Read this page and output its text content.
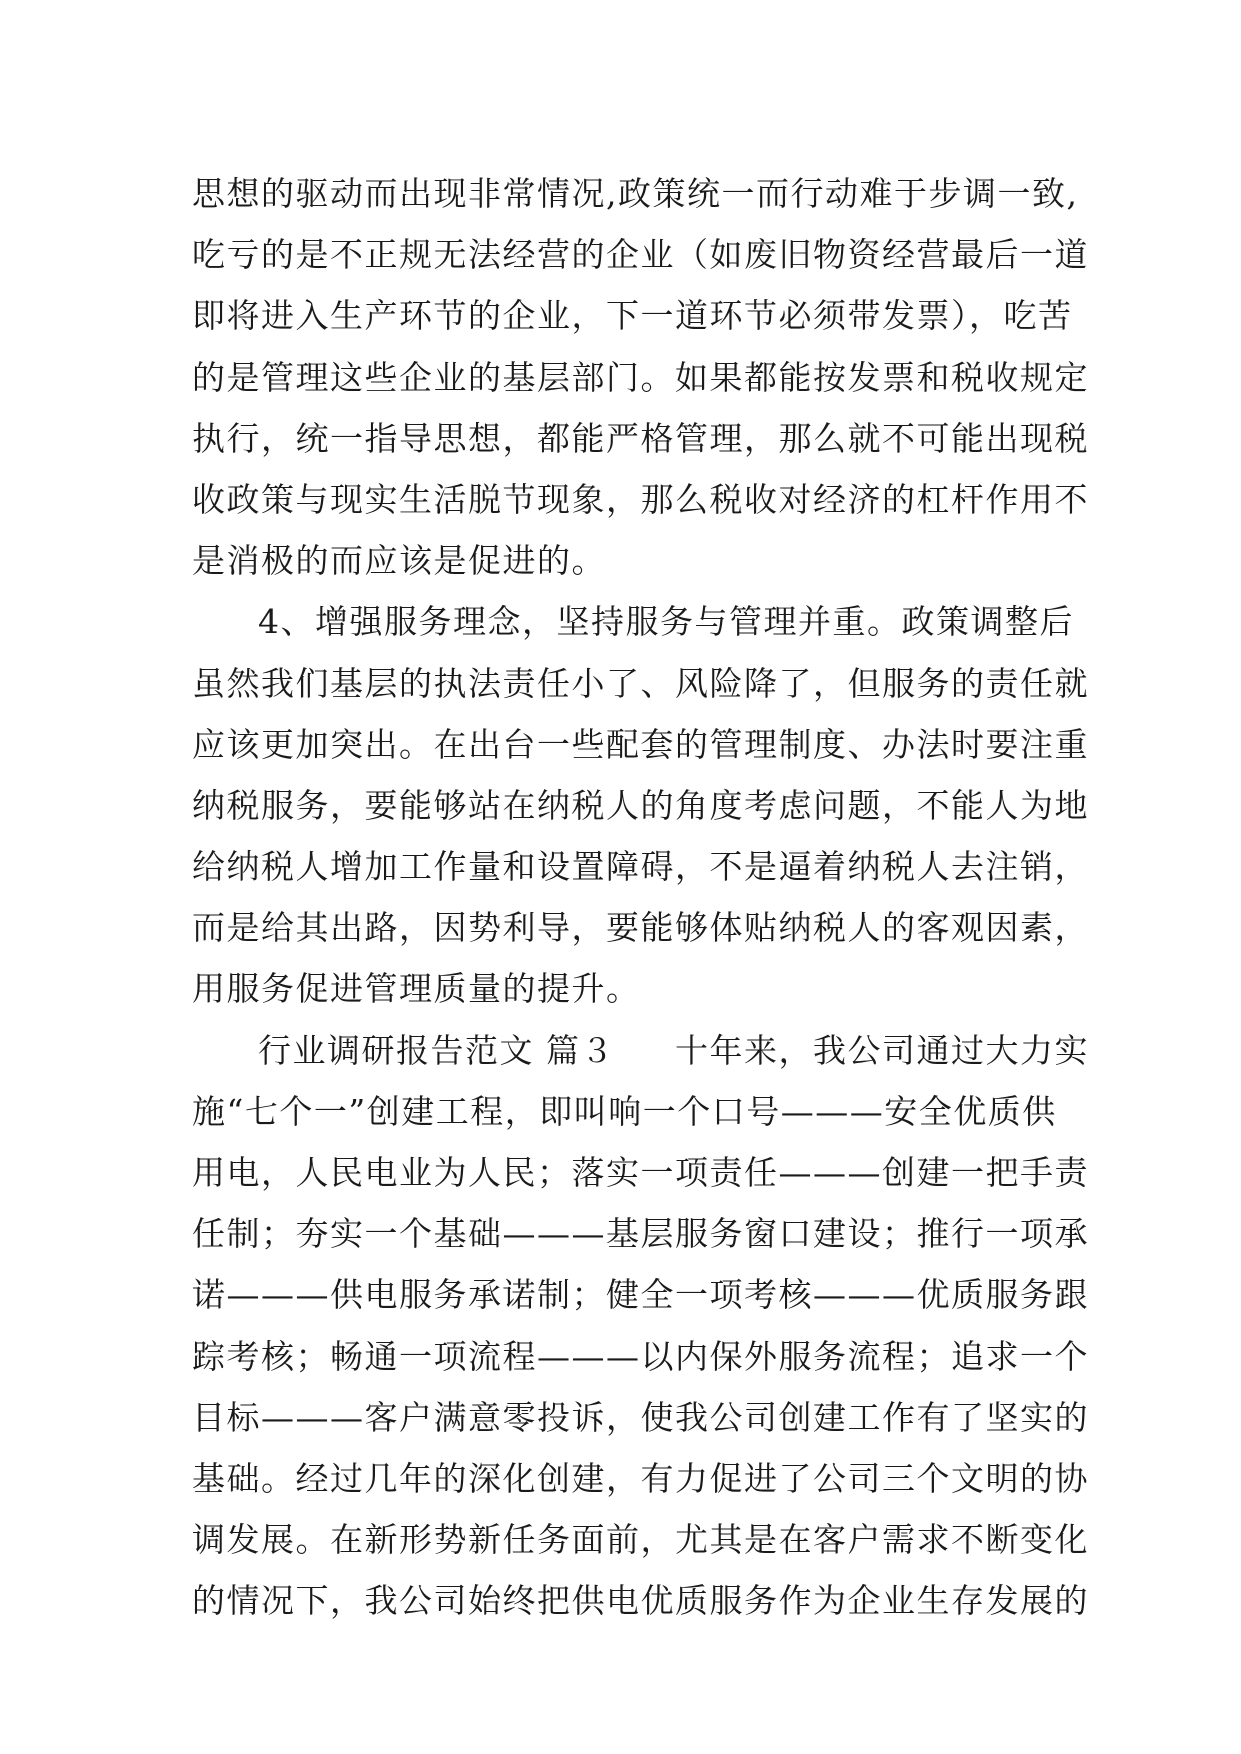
思想的驱动而出现非常情况,政策统一而行动难于步调一致,
吃亏的是不正规无法经营的企业（如废旧物资经营最后一道
即将进入生产环节的企业，下一道环节必须带发票），吃苦
的是管理这些企业的基层部门。如果都能按发票和税收规定
执行，统一指导思想，都能严格管理，那么就不可能出现税
收政策与现实生活脱节现象，那么税收对经济的杠杆作用不
是消极的而应该是促进的。
4、增强服务理念，坚持服务与管理并重。政策调整后
虽然我们基层的执法责任小了、风险降了，但服务的责任就
应该更加突出。在出台一些配套的管理制度、办法时要注重
纳税服务，要能够站在纳税人的角度考虑问题，不能人为地
给纳税人增加工作量和设置障碍，不是逼着纳税人去注销，
而是给其出路，因势利导，要能够体贴纳税人的客观因素，
用服务促进管理质量的提升。
行业调研报告范文 篇３ 十年来，我公司通过大力实
施“七个一”创建工程，即叫响一个口号———安全优质供
用电，人民电业为人民；落实一项责任———创建一把手责
任制；夯实一个基础———基层服务窗口建设；推行一项承
诺———供电服务承诺制；健全一项考核———优质服务跟
踪考核；畅通一项流程———以内保外服务流程；追求一个
目标———客户满意零投诉，使我公司创建工作有了坚实的
基础。经过几年的深化创建，有力促进了公司三个文明的协
调发展。在新形势新任务面前，尤其是在客户需求不断变化
的情况下，我公司始终把供电优质服务作为企业生存发展的
